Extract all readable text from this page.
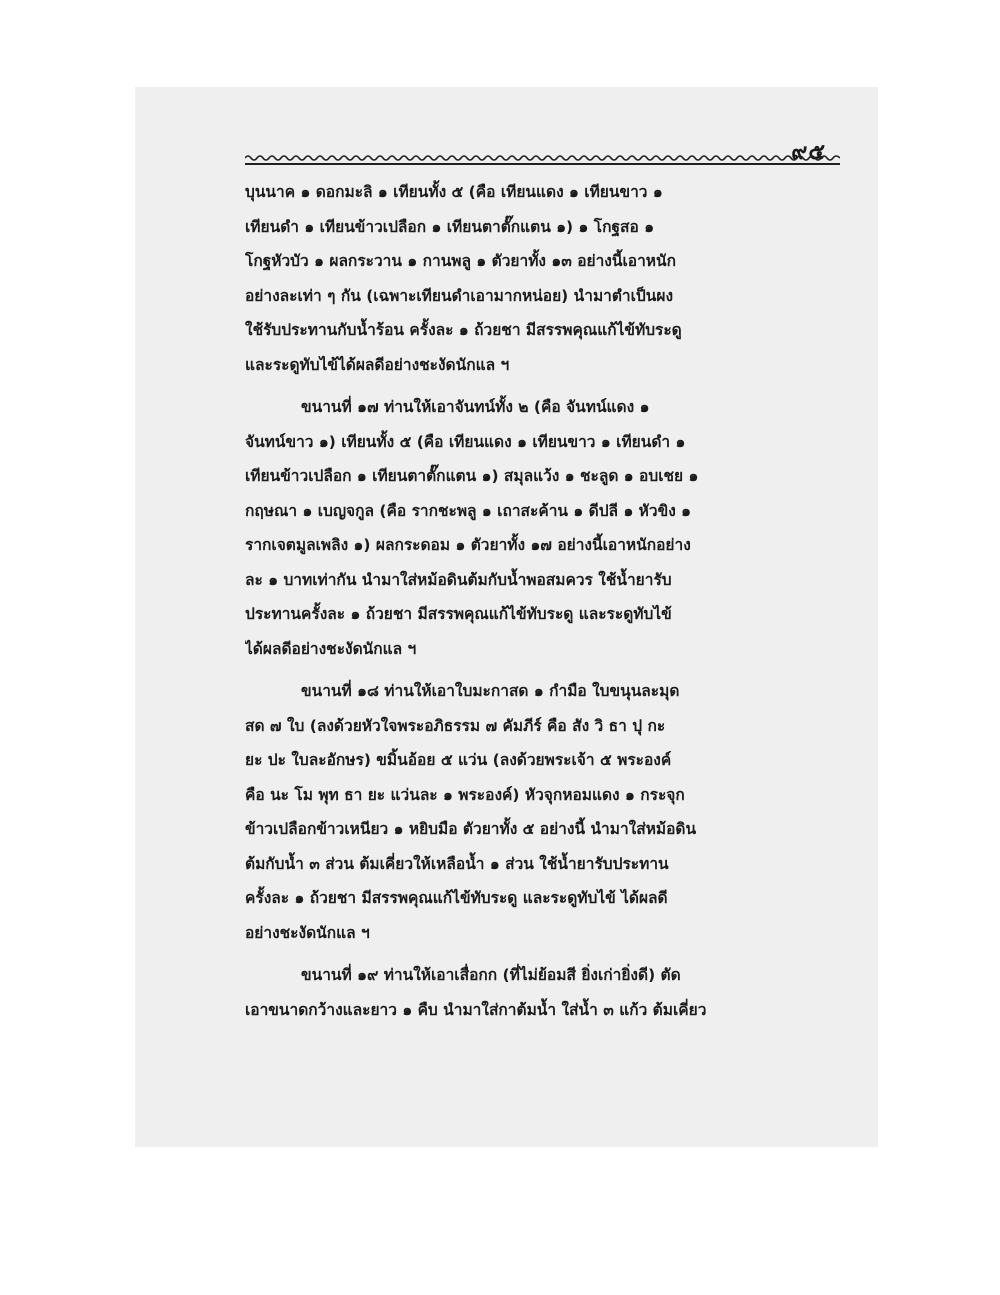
๙๕
บุนนาค ๑ ดอกมะลิ ๑ เทียนทั้ง ๕ (คือ เทียนแดง ๑ เทียนขาว ๑
เทียนดำ ๑ เทียนข้าวเปลือก ๑ เทียนตาตั๊กแตน ๑) ๑ โกฐสอ ๑
โกฐหัวบัว ๑ ผลกระวาน ๑ กานพลู ๑ ตัวยาทั้ง ๑๓ อย่างนี้เอาหนัก
อย่างละเท่า ๆ กัน (เฉพาะเทียนดำเอามากหน่อย) นำมาตำเป็นผง
ใช้รับประทานกับน้ำร้อน ครั้งละ ๑ ถ้วยชา มีสรรพคุณแก้ไข้ทับระดู
และระดูทับไข้ได้ผลดีอย่างชะงัดนักแล ฯ
ขนานที่ ๑๗ ท่านให้เอาจันทน์ทั้ง ๒ (คือ จันทน์แดง ๑
จันทน์ขาว ๑) เทียนทั้ง ๕ (คือ เทียนแดง ๑ เทียนขาว ๑ เทียนดำ ๑
เทียนข้าวเปลือก ๑ เทียนตาตั๊กแตน ๑) สมุลแว้ง ๑ ชะลูด ๑ อบเชย ๑
กฤษณา ๑ เบญจกูล (คือ รากชะพลู ๑ เถาสะค้าน ๑ ดีปลี ๑ หัวขิง ๑
รากเจตมูลเพลิง ๑) ผลกระดอม ๑ ตัวยาทั้ง ๑๗ อย่างนี้เอาหนักอย่าง
ละ ๑ บาทเท่ากัน นำมาใส่หม้อดินต้มกับน้ำพอสมควร ใช้น้ำยารับ
ประทานครั้งละ ๑ ถ้วยชา มีสรรพคุณแก้ไข้ทับระดู และระดูทับไข้
ได้ผลดีอย่างชะงัดนักแล ฯ
ขนานที่ ๑๘ ท่านให้เอาใบมะกาสด ๑ กำมือ ใบขนุนละมุด
สด ๗ ใบ (ลงด้วยหัวใจพระอภิธรรม ๗ คัมภีร์ คือ สัง วิ ธา ปุ กะ
ยะ ปะ ใบละอักษร) ขมิ้นอ้อย ๕ แว่น (ลงด้วยพระเจ้า ๕ พระองค์
คือ นะ โม พุท ธา ยะ แว่นละ ๑ พระองค์) หัวจุกหอมแดง ๑ กระจุก
ข้าวเปลือกข้าวเหนียว ๑ หยิบมือ ตัวยาทั้ง ๕ อย่างนี้ นำมาใส่หม้อดิน
ต้มกับน้ำ ๓ ส่วน ต้มเคี่ยวให้เหลือน้ำ ๑ ส่วน ใช้น้ำยารับประทาน
ครั้งละ ๑ ถ้วยชา มีสรรพคุณแก้ไข้ทับระดู และระดูทับไข้ ได้ผลดี
อย่างชะงัดนักแล ฯ
ขนานที่ ๑๙ ท่านให้เอาเสื่อกก (ที่ไม่ย้อมสี ยิ่งเก่ายิ่งดี) ตัด
เอาขนาดกว้างและยาว ๑ คืบ นำมาใส่กาต้มน้ำ ใส่น้ำ ๓ แก้ว ต้มเคี่ยว
